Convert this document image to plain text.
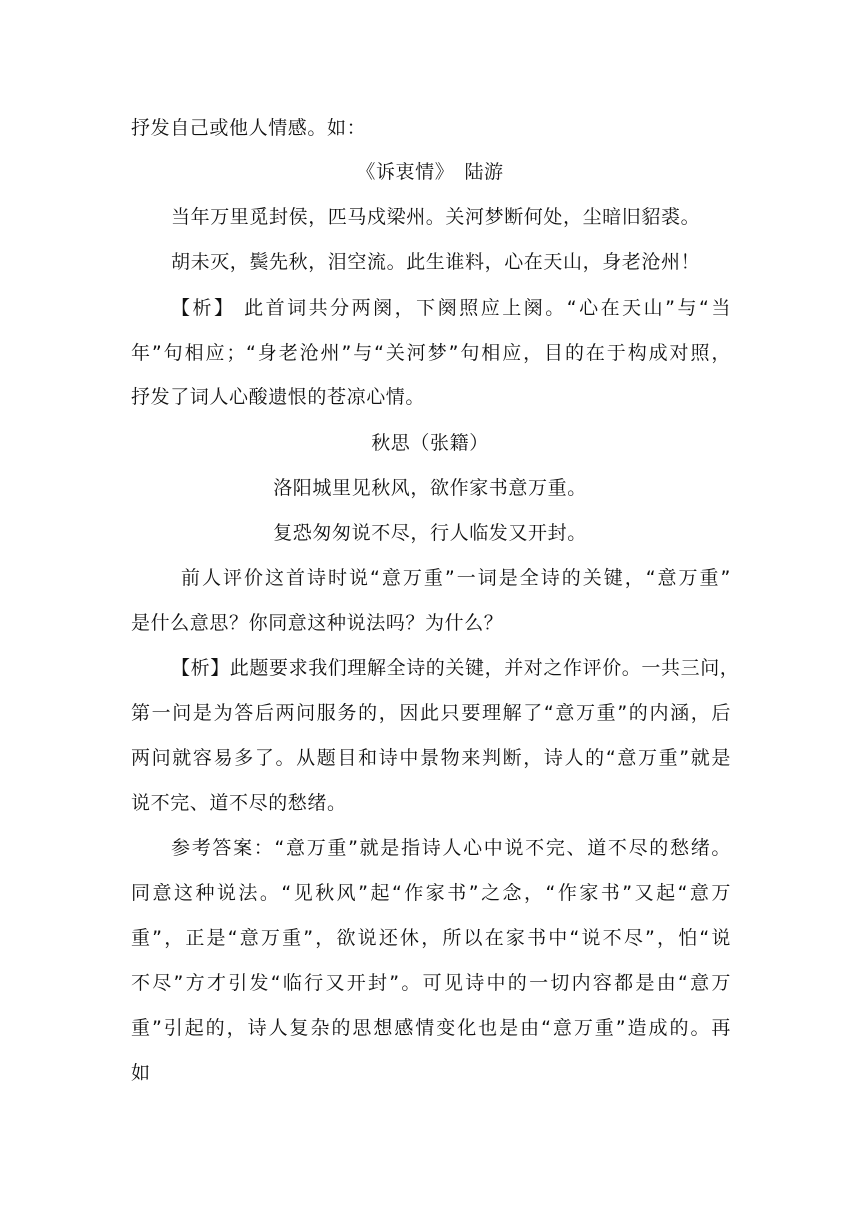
抒发自己或他人情感。如：
《诉衷情》　陆游
当年万里觅封侯，匹马戍梁州。关河梦断何处，尘暗旧貂裘。
胡未灭，鬓先秋，泪空流。此生谁料，心在天山，身老沧州！
【析】 此首词共分两阕，下阕照应上阕。“心在天山”与“当
年”句相应；“身老沧州”与“关河梦”句相应，目的在于构成对照，
抒发了词人心酸遗恨的苍凉心情。
秋思（张籍）
洛阳城里见秋风，欲作家书意万重。
复恐匆匆说不尽，行人临发又开封。
前人评价这首诗时说“意万重”一词是全诗的关键，“意万重”
是什么意思？你同意这种说法吗？为什么？
【析】此题要求我们理解全诗的关键，并对之作评价。一共三问，
第一问是为答后两问服务的，因此只要理解了“意万重”的内涵，后
两问就容易多了。从题目和诗中景物来判断，诗人的“意万重”就是
说不完、道不尽的愁绪。
参考答案：“意万重”就是指诗人心中说不完、道不尽的愁绪。
同意这种说法。“见秋风”起“作家书”之念，“作家书”又起“意万
重”，正是“意万重”，欲说还休，所以在家书中“说不尽”，怕“说
不尽”方才引发“临行又开封”。可见诗中的一切内容都是由“意万
重”引起的，诗人复杂的思想感情变化也是由“意万重”造成的。再
如
